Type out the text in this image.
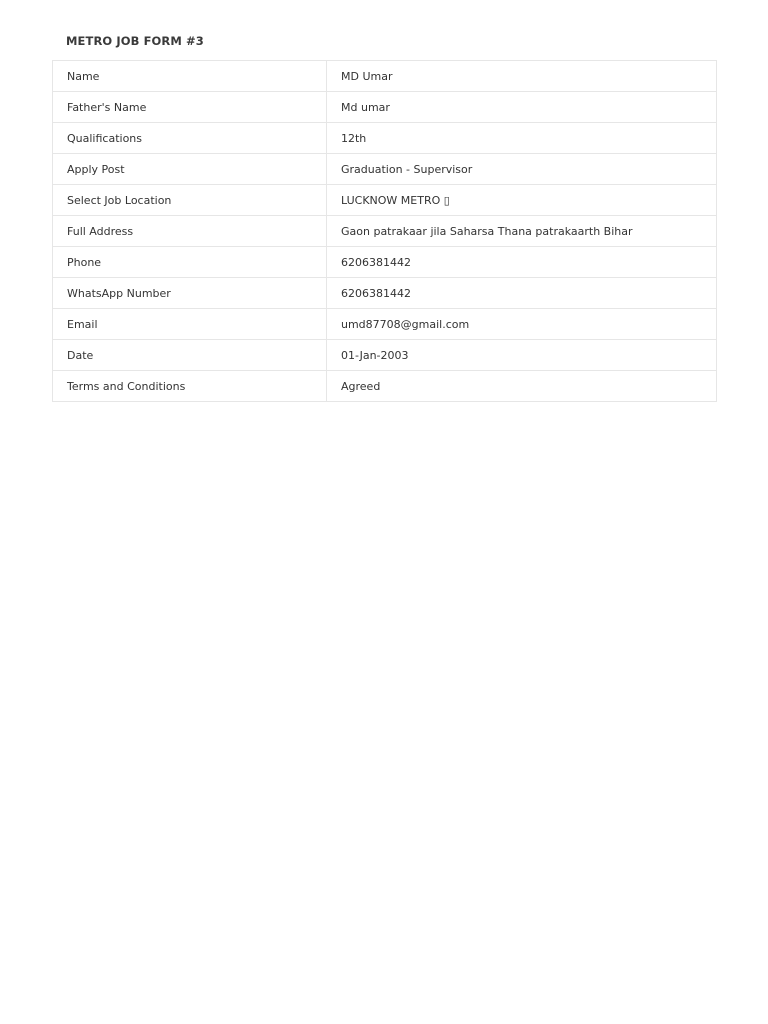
METRO JOB FORM #3
Name	MD Umar
Father's Name	Md umar
Qualifications	12th
Apply Post	Graduation - Supervisor
Select Job Location	LUCKNOW METRO ▯
Full Address	Gaon patrakaar jila Saharsa Thana patrakaarth Bihar
Phone	6206381442
WhatsApp Number	6206381442
Email	umd87708@gmail.com
Date	01-Jan-2003
Terms and Conditions	Agreed
